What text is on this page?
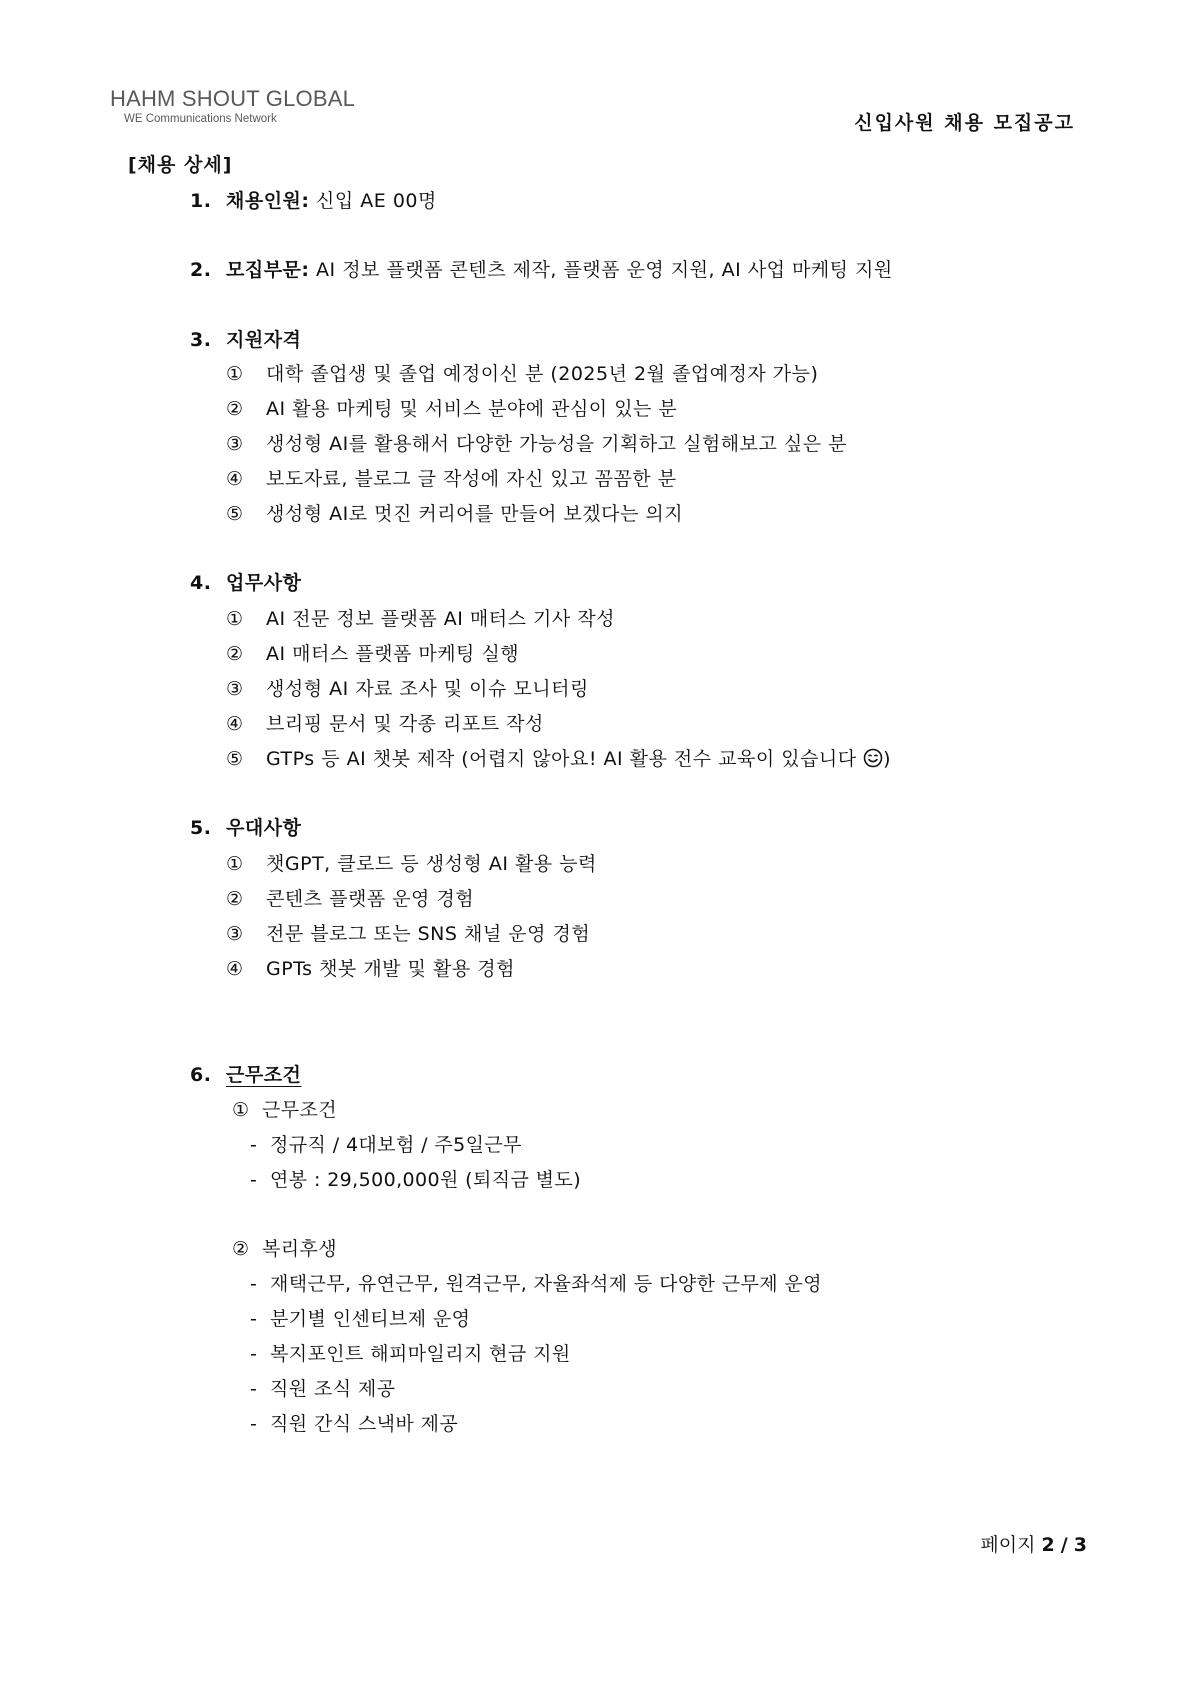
HAHM SHOUT GLOBAL
WE Communications Network	신입사원 채용 모집공고
[채용 상세]
1. 채용인원: 신입 AE 00명
2. 모집부문: AI 정보 플랫폼 콘텐츠 제작, 플랫폼 운영 지원, AI 사업 마케팅 지원
3. 지원자격
① 대학 졸업생 및 졸업 예정이신 분 (2025년 2월 졸업예정자 가능)
② AI 활용 마케팅 및 서비스 분야에 관심이 있는 분
③ 생성형 AI를 활용해서 다양한 가능성을 기획하고 실험해보고 싶은 분
④ 보도자료, 블로그 글 작성에 자신 있고 꼼꼼한 분
⑤ 생성형 AI로 멋진 커리어를 만들어 보겠다는 의지
4. 업무사항
① AI 전문 정보 플랫폼 AI 매터스 기사 작성
② AI 매터스 플랫폼 마케팅 실행
③ 생성형 AI 자료 조사 및 이슈 모니터링
④ 브리핑 문서 및 각종 리포트 작성
⑤ GTPs 등 AI 챗봇 제작 (어렵지 않아요! AI 활용 전수 교육이 있습니다 )
5. 우대사항
① 챗GPT, 클로드 등 생성형 AI 활용 능력
② 콘텐츠 플랫폼 운영 경험
③ 전문 블로그 또는 SNS 채널 운영 경험
④ GPTs 챗봇 개발 및 활용 경험
6. 근무조건
① 근무조건
- 정규직 / 4대보험 / 주5일근무
- 연봉 : 29,500,000원 (퇴직금 별도)
② 복리후생
- 재택근무, 유연근무, 원격근무, 자율좌석제 등 다양한 근무제 운영
- 분기별 인센티브제 운영
- 복지포인트 해피마일리지 현금 지원
- 직원 조식 제공
- 직원 간식 스낵바 제공
페이지 2 / 3
